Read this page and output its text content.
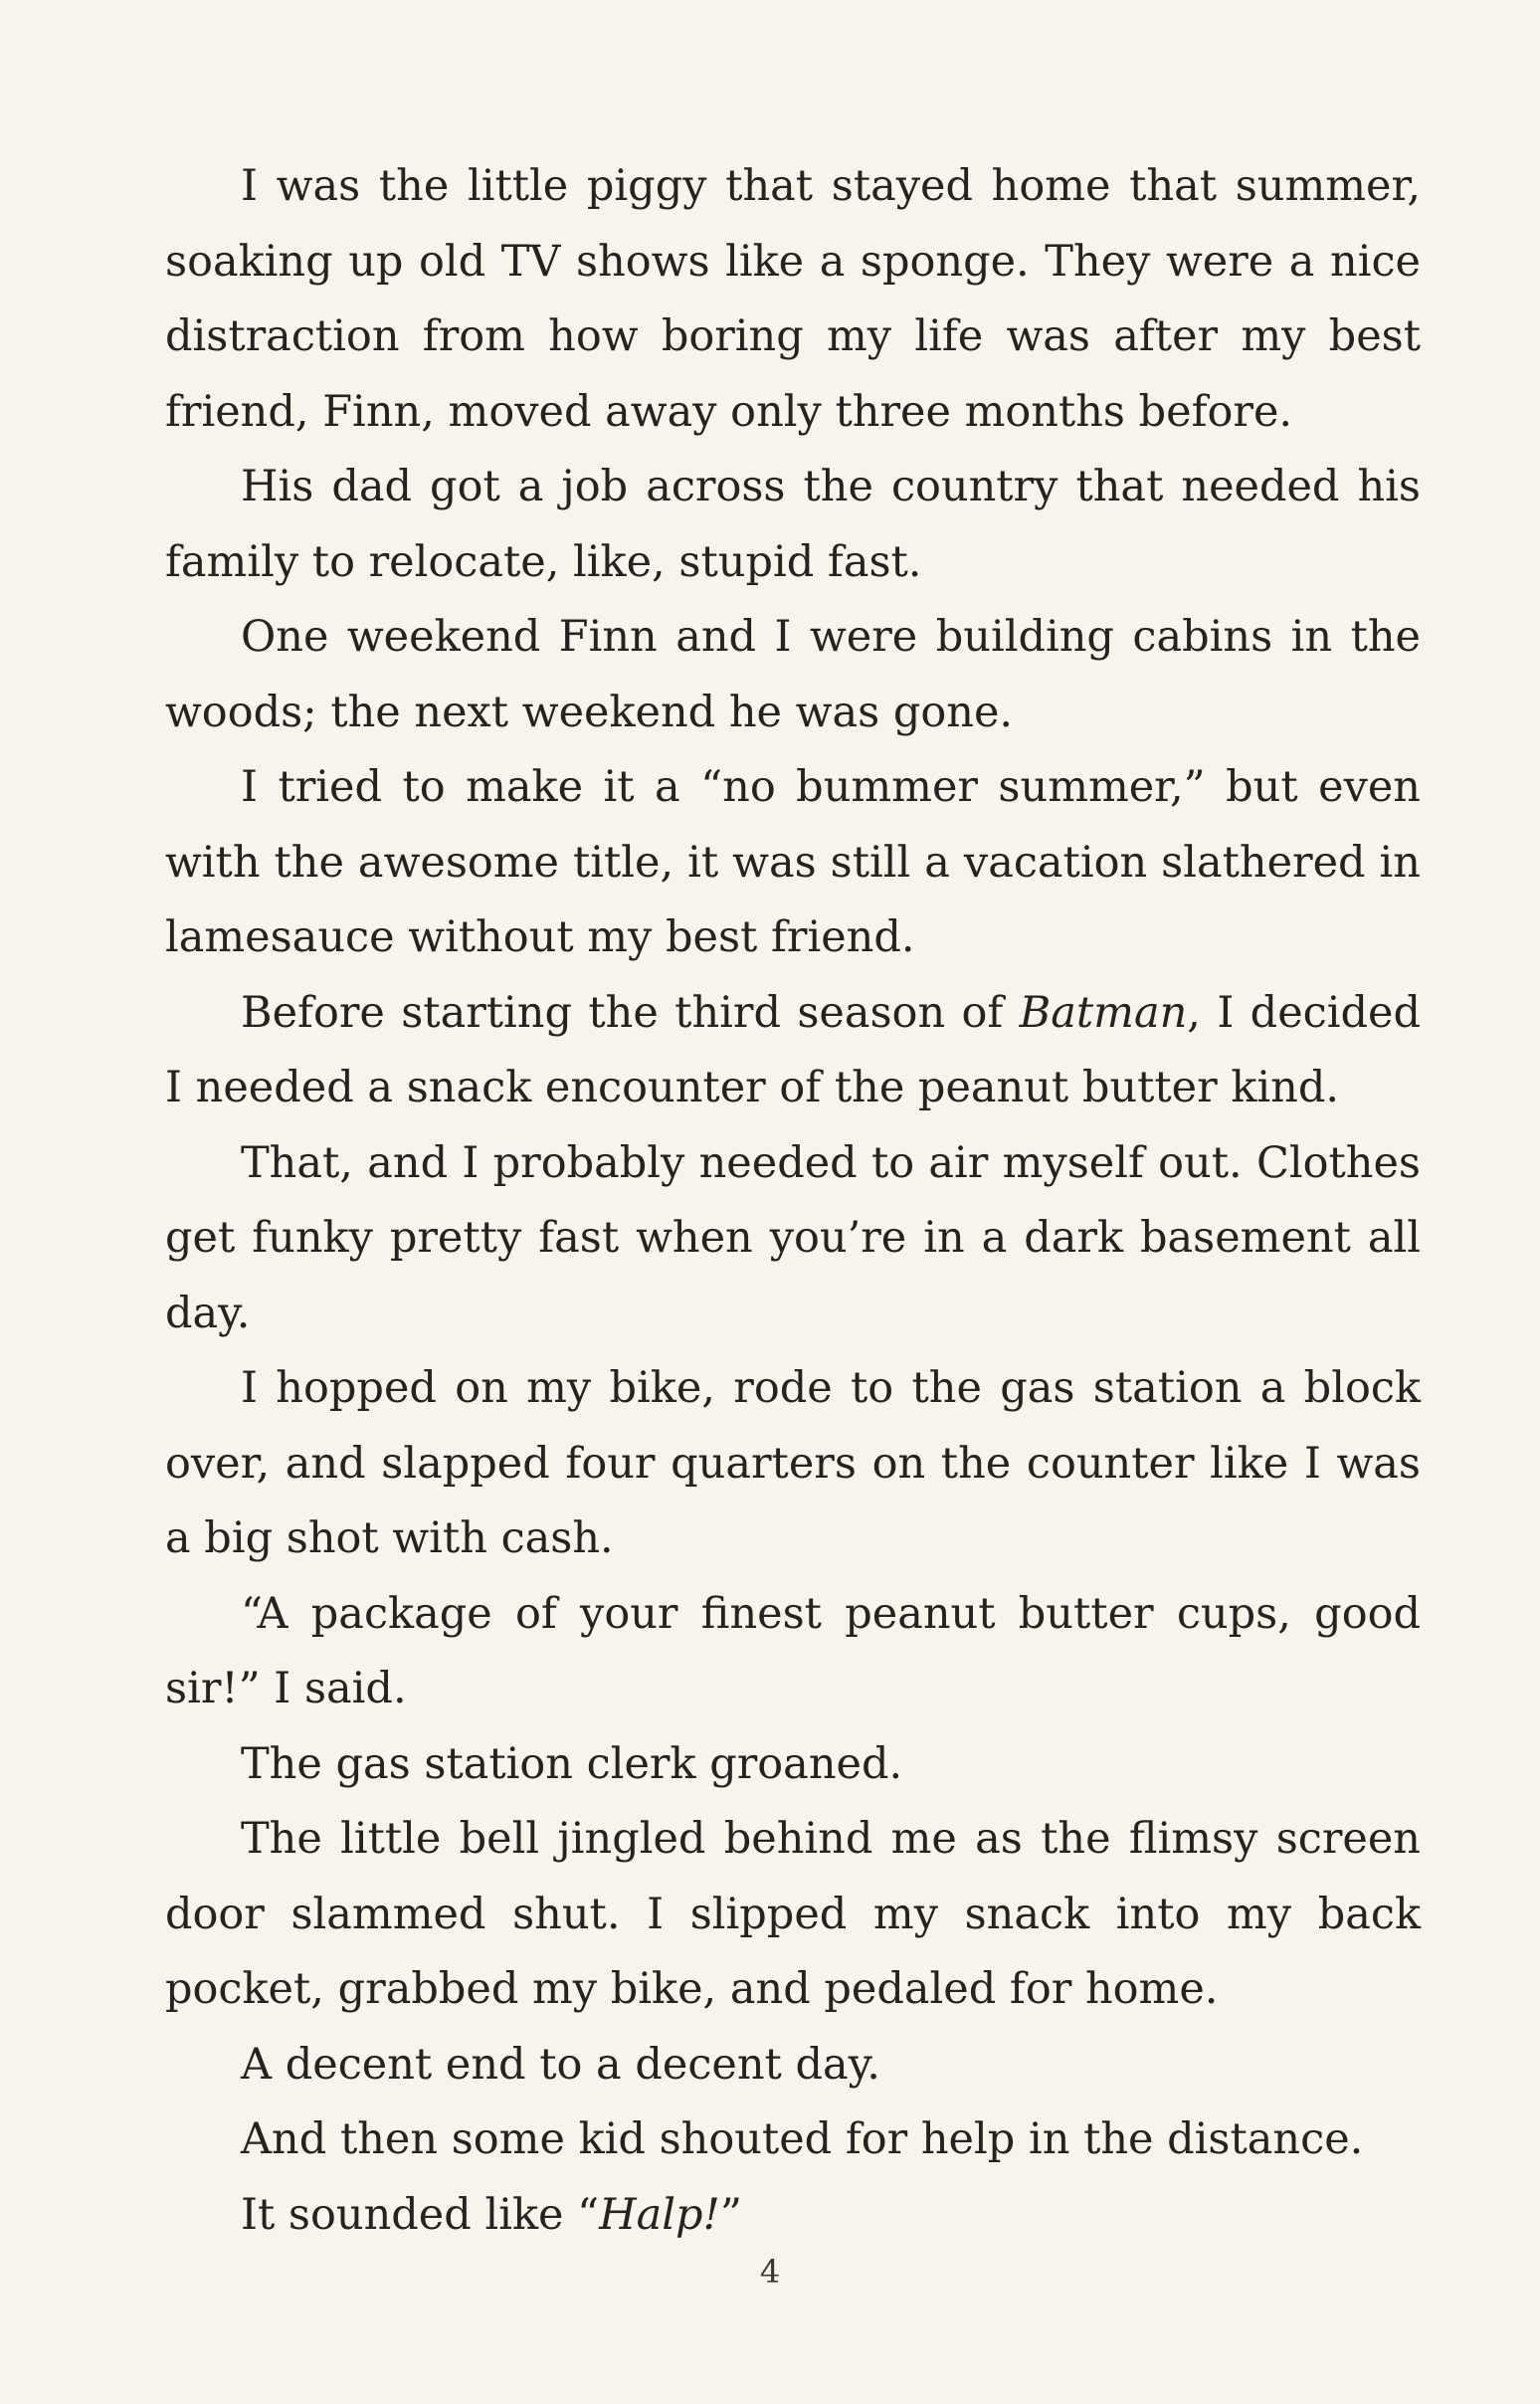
I was the little piggy that stayed home that summer, soaking up old TV shows like a sponge. They were a nice distraction from how boring my life was after my best friend, Finn, moved away only three months before.

His dad got a job across the country that needed his family to relocate, like, stupid fast.

One weekend Finn and I were building cabins in the woods; the next weekend he was gone.

I tried to make it a “no bummer summer,” but even with the awesome title, it was still a vacation slathered in lamesauce without my best friend.

Before starting the third season of Batman, I decided I needed a snack encounter of the peanut butter kind.

That, and I probably needed to air myself out. Clothes get funky pretty fast when you’re in a dark basement all day.

I hopped on my bike, rode to the gas station a block over, and slapped four quarters on the counter like I was a big shot with cash.

“A package of your finest peanut butter cups, good sir!” I said.

The gas station clerk groaned.

The little bell jingled behind me as the flimsy screen door slammed shut. I slipped my snack into my back pocket, grabbed my bike, and pedaled for home.

A decent end to a decent day.

And then some kid shouted for help in the distance.

It sounded like “Halp!”

4
